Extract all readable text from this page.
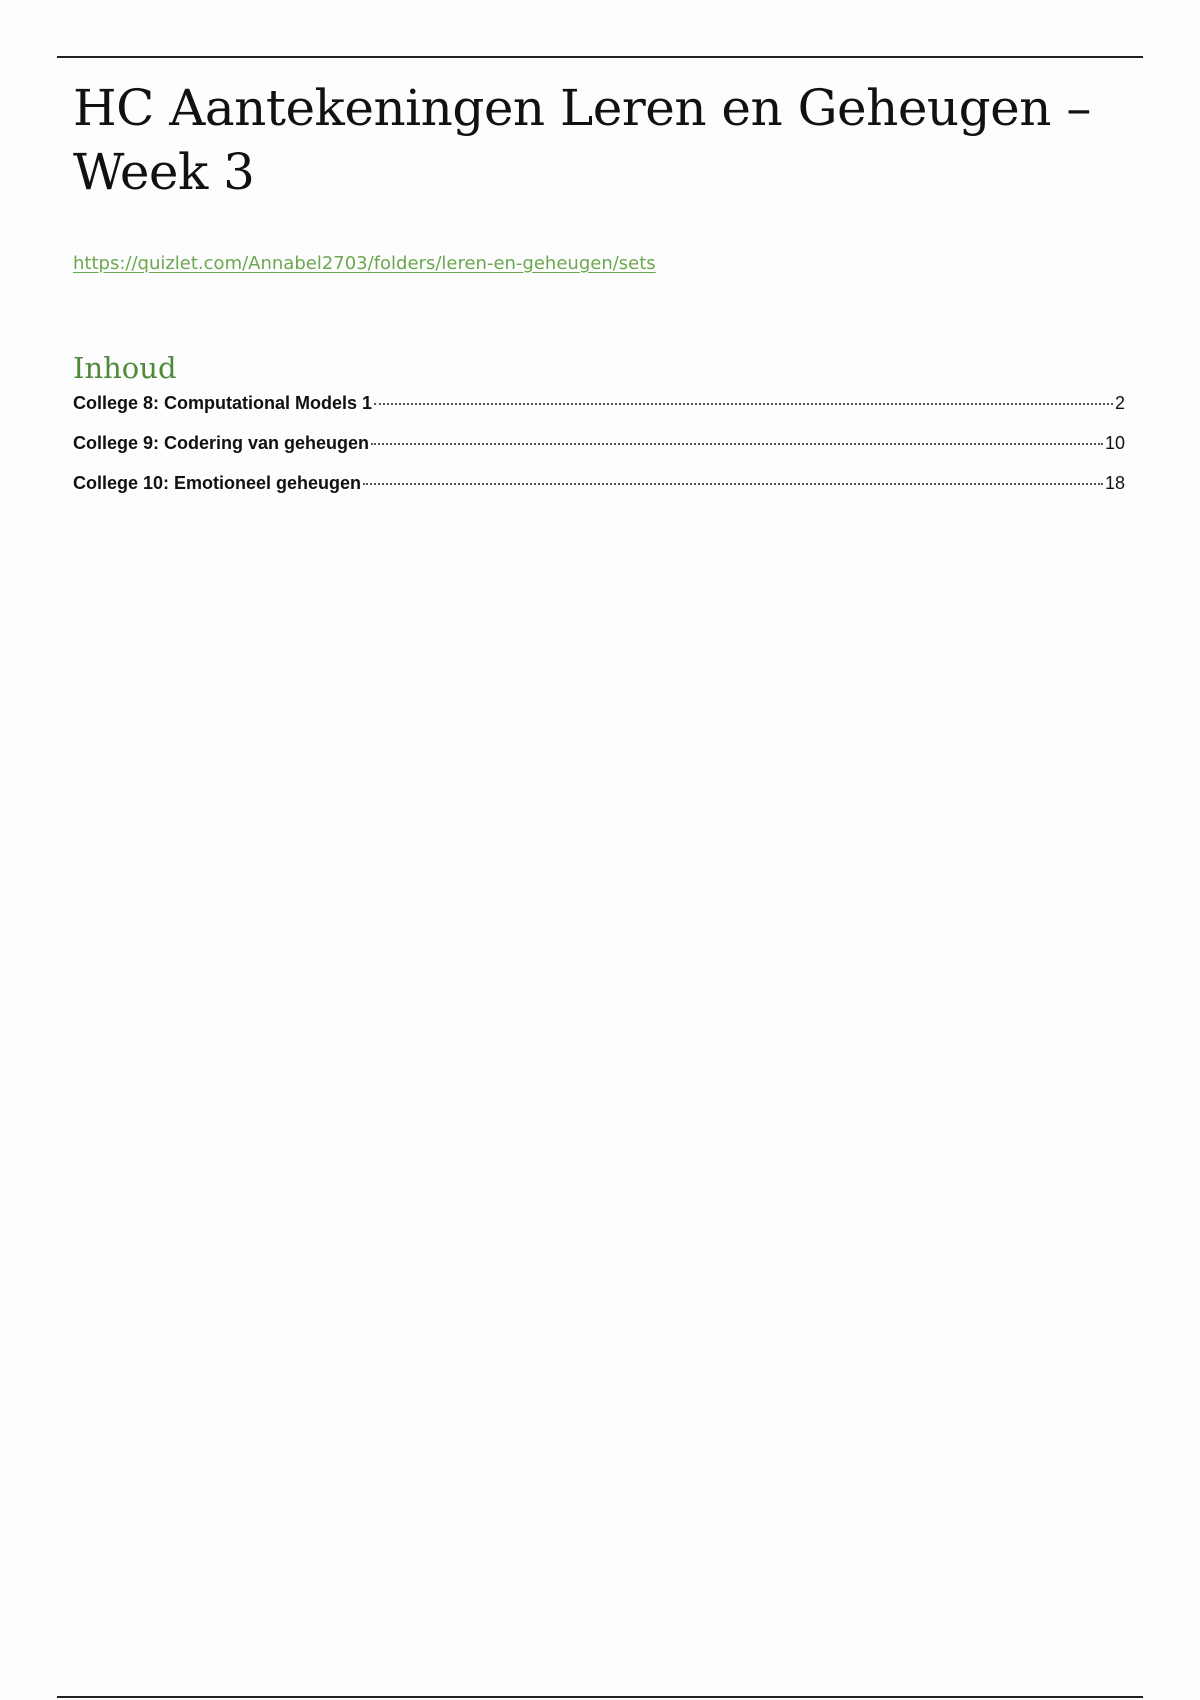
HC Aantekeningen Leren en Geheugen – Week 3
https://quizlet.com/Annabel2703/folders/leren-en-geheugen/sets
Inhoud
College 8: Computational Models 1	2
College 9: Codering van geheugen	10
College 10: Emotioneel geheugen	18
